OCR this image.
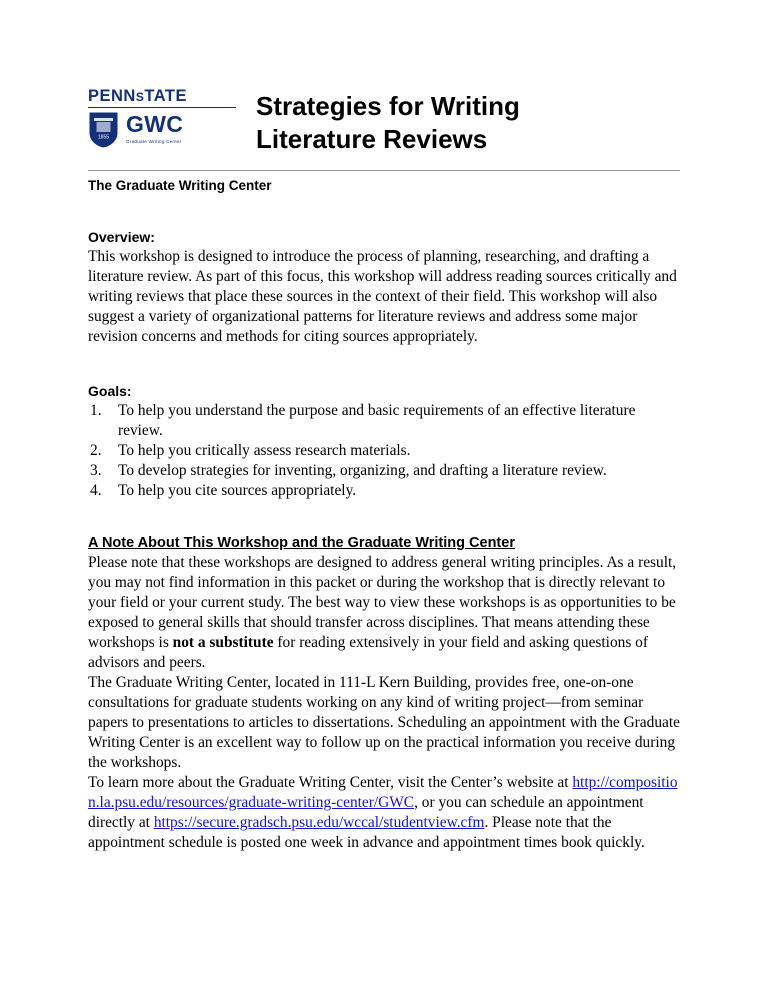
PENNSTATE
1855
GWC
Graduate Writing Center
Strategies for Writing
Literature Reviews
The Graduate Writing Center
Overview:

This workshop is designed to introduce the process of planning, researching, and drafting a literature review. As part of this focus, this workshop will address reading sources critically and writing reviews that place these sources in the context of their field. This workshop will also suggest a variety of organizational patterns for literature reviews and address some major revision concerns and methods for citing sources appropriately.

Goals:
To help you understand the purpose and basic requirements of an effective literature review.
To help you critically assess research materials.
To develop strategies for inventing, organizing, and drafting a literature review.
To help you cite sources appropriately.
A Note About This Workshop and the Graduate Writing Center

Please note that these workshops are designed to address general writing principles. As a result, you may not find information in this packet or during the workshop that is directly relevant to your field or your current study. The best way to view these workshops is as opportunities to be exposed to general skills that should transfer across disciplines. That means attending these workshops is not a substitute for reading extensively in your field and asking questions of advisors and peers.

The Graduate Writing Center, located in 111-L Kern Building, provides free, one-on-one consultations for graduate students working on any kind of writing project—from seminar papers to presentations to articles to dissertations. Scheduling an appointment with the Graduate Writing Center is an excellent way to follow up on the practical information you receive during the workshops.

To learn more about the Graduate Writing Center, visit the Center’s website at http://composition.la.psu.edu/resources/graduate-writing-center/GWC, or you can schedule an appointment directly at https://secure.gradsch.psu.edu/wccal/studentview.cfm. Please note that the appointment schedule is posted one week in advance and appointment times book quickly.
